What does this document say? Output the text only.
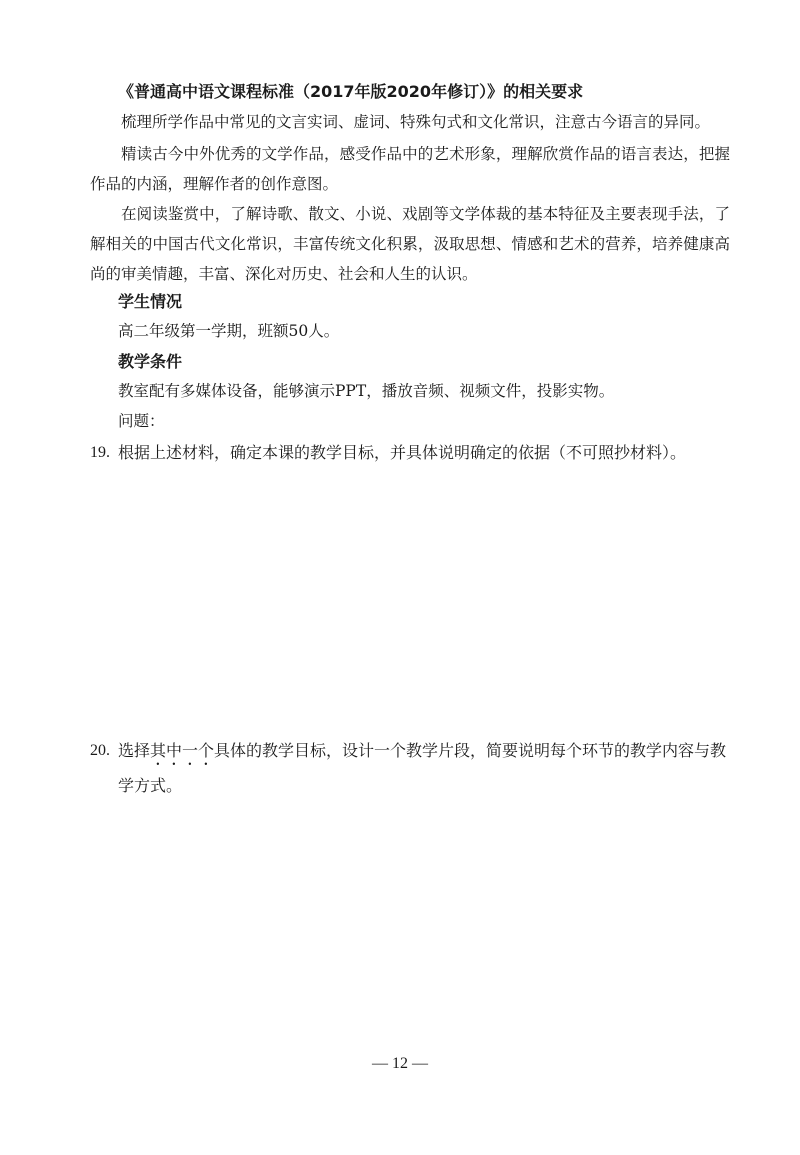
《普通高中语文课程标准（2017年版2020年修订）》的相关要求
梳理所学作品中常见的文言实词、虚词、特殊句式和文化常识，注意古今语言的异同。
精读古今中外优秀的文学作品，感受作品中的艺术形象，理解欣赏作品的语言表达，把握作品的内涵，理解作者的创作意图。
在阅读鉴赏中，了解诗歌、散文、小说、戏剧等文学体裁的基本特征及主要表现手法，了解相关的中国古代文化常识，丰富传统文化积累，汲取思想、情感和艺术的营养，培养健康高尚的审美情趣，丰富、深化对历史、社会和人生的认识。
学生情况
高二年级第一学期，班额50人。
教学条件
教室配有多媒体设备，能够演示PPT，播放音频、视频文件，投影实物。
问题：
19. 根据上述材料，确定本课的教学目标，并具体说明确定的依据（不可照抄材料）。
20. 选择其中一个具体的教学目标，设计一个教学片段，简要说明每个环节的教学内容与教学方式。
— 12 —
